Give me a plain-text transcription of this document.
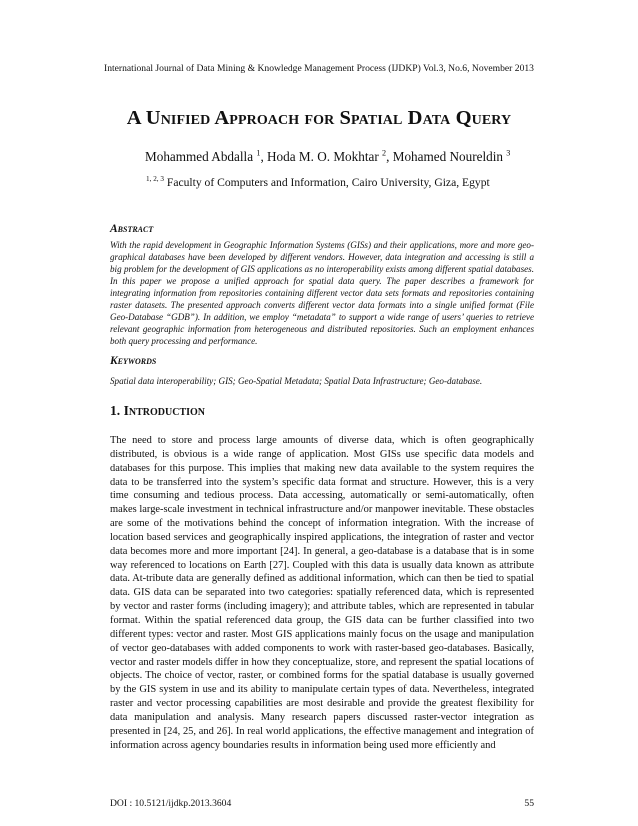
International Journal of Data Mining & Knowledge Management Process (IJDKP) Vol.3, No.6, November 2013
A Unified Approach for Spatial Data Query
Mohammed Abdalla $^1$, Hoda M. O. Mokhtar $^2$, Mohamed Noureldin $^3$
$^{1, 2, 3}$ Faculty of Computers and Information, Cairo University, Giza, Egypt
Abstract

With the rapid development in Geographic Information Systems (GISs) and their applications, more and more geo-graphical databases have been developed by different vendors. However, data integration and accessing is still a big problem for the development of GIS applications as no interoperability exists among different spatial databases. In this paper we propose a unified approach for spatial data query. The paper describes a framework for integrating information from repositories containing different vector data sets formats and repositories containing raster datasets. The presented approach converts different vector data formats into a single unified format (File Geo-Database “GDB”). In addition, we employ “metadata” to support a wide range of users’ queries to retrieve relevant geographic information from heterogeneous and distributed repositories. Such an employment enhances both query processing and performance.

Keywords

Spatial data interoperability; GIS; Geo-Spatial Metadata; Spatial Data Infrastructure; Geo-database.

1. Introduction

The need to store and process large amounts of diverse data, which is often geographically distributed, is obvious is a wide range of application. Most GISs use specific data models and databases for this purpose. This implies that making new data available to the system requires the data to be transferred into the system’s specific data format and structure. However, this is a very time consuming and tedious process. Data accessing, automatically or semi-automatically, often makes large-scale investment in technical infrastructure and/or manpower inevitable. These obstacles are some of the motivations behind the concept of information integration. With the increase of location based services and geographically inspired applications, the integration of raster and vector data becomes more and more important [24]. In general, a geo-database is a database that is in some way referenced to locations on Earth [27]. Coupled with this data is usually data known as attribute data. At-tribute data are generally defined as additional information, which can then be tied to spatial data. GIS data can be separated into two categories: spatially referenced data, which is represented by vector and raster forms (including imagery); and attribute tables, which are represented in tabular format. Within the spatial referenced data group, the GIS data can be further classified into two different types: vector and raster. Most GIS applications mainly focus on the usage and manipulation of vector geo-databases with added components to work with raster-based geo-databases. Basically, vector and raster models differ in how they conceptualize, store, and represent the spatial locations of objects. The choice of vector, raster, or combined forms for the spatial database is usually governed by the GIS system in use and its ability to manipulate certain types of data. Nevertheless, integrated raster and vector processing capabilities are most desirable and provide the greatest flexibility for data manipulation and analysis. Many research papers discussed raster-vector integration as presented in [24, 25, and 26]. In real world applications, the effective management and integration of information across agency boundaries results in information being used more efficiently and

DOI : 10.5121/ijdkp.2013.3604	55
